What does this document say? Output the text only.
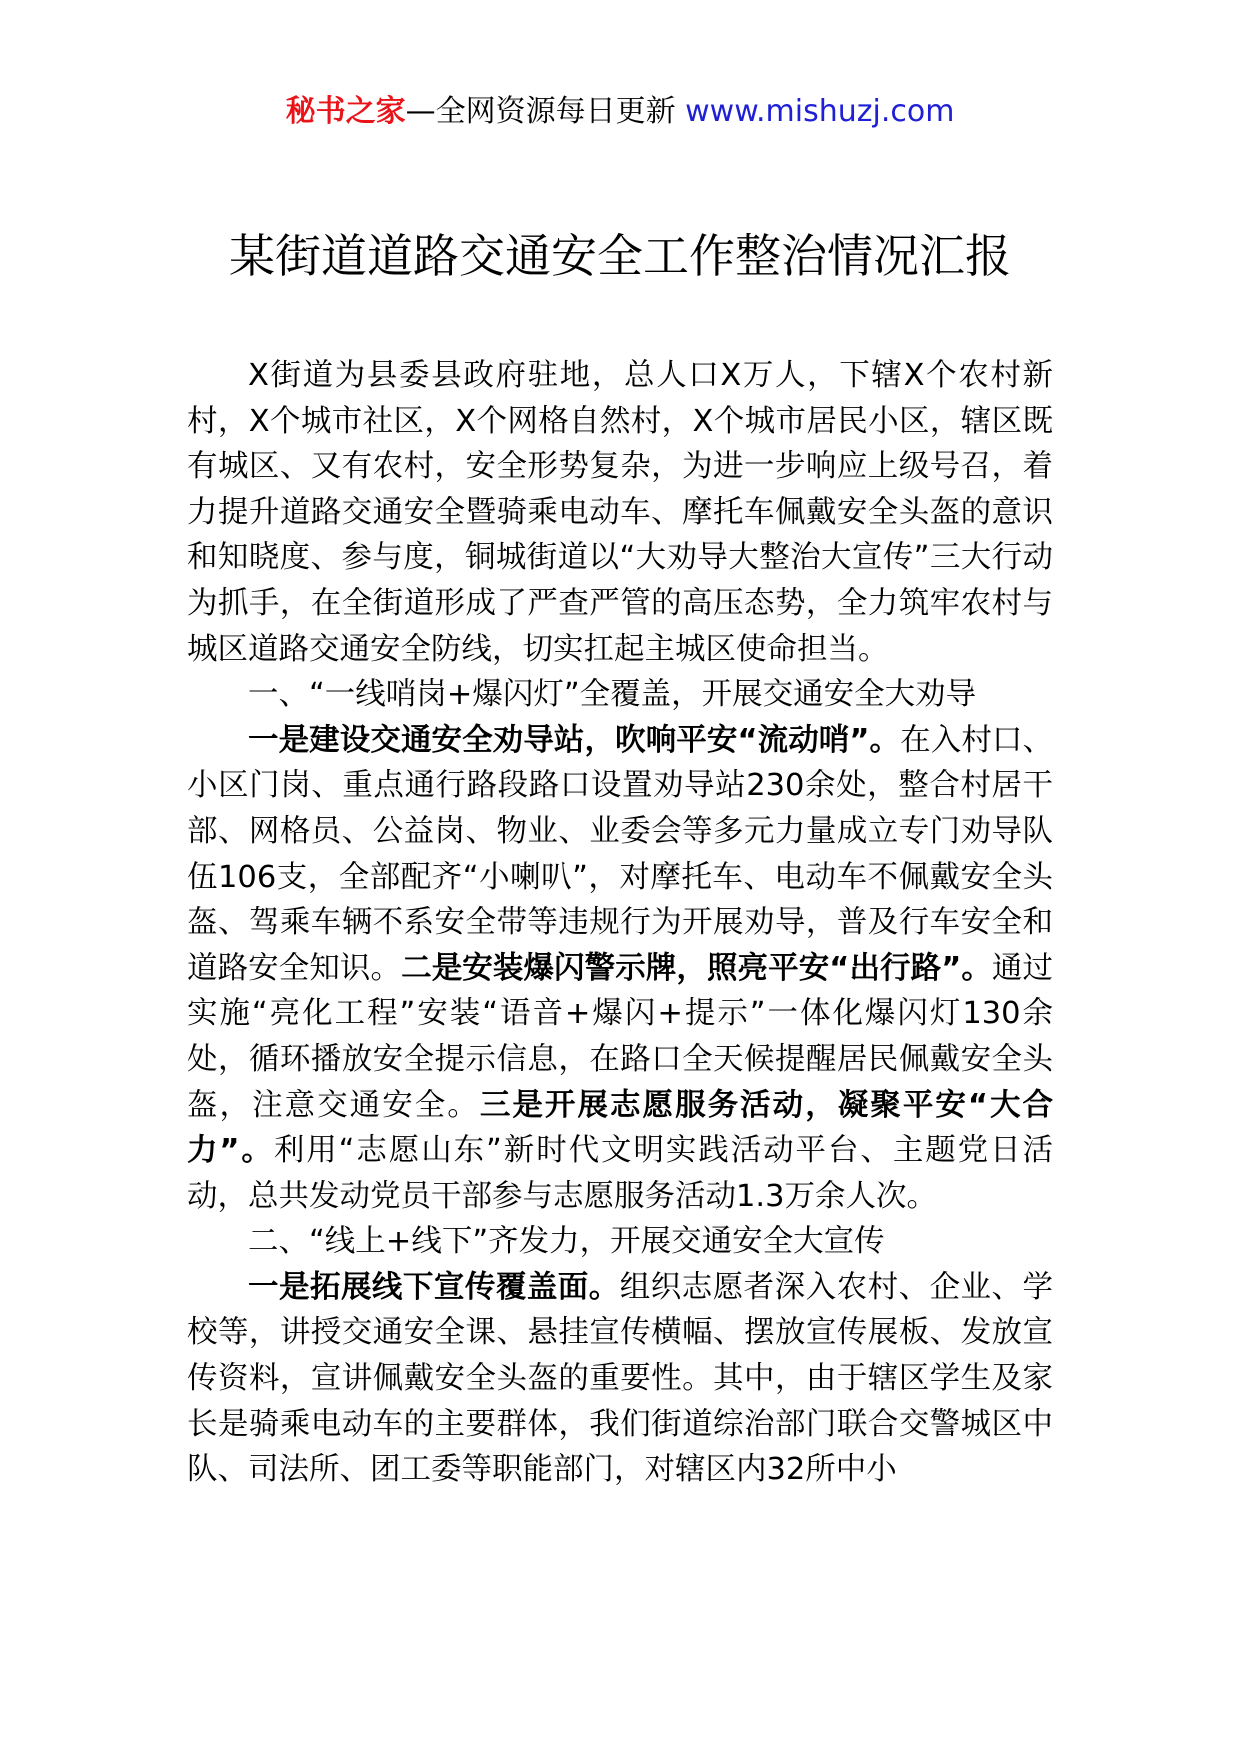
秘书之家—全网资源每日更新 www.mishuzj.com
某街道道路交通安全工作整治情况汇报

X街道为县委县政府驻地，总人口X万人，下辖X个农村新村，X个城市社区，X个网格自然村，X个城市居民小区，辖区既有城区、又有农村，安全形势复杂，为进一步响应上级号召，着力提升道路交通安全暨骑乘电动车、摩托车佩戴安全头盔的意识和知晓度、参与度，铜城街道以“大劝导大整治大宣传”三大行动为抓手，在全街道形成了严查严管的高压态势，全力筑牢农村与城区道路交通安全防线，切实扛起主城区使命担当。

一、“一线哨岗+爆闪灯”全覆盖，开展交通安全大劝导

一是建设交通安全劝导站，吹响平安“流动哨”。在入村口、小区门岗、重点通行路段路口设置劝导站230余处，整合村居干部、网格员、公益岗、物业、业委会等多元力量成立专门劝导队伍106支，全部配齐“小喇叭”，对摩托车、电动车不佩戴安全头盔、驾乘车辆不系安全带等违规行为开展劝导，普及行车安全和道路安全知识。二是安装爆闪警示牌，照亮平安“出行路”。通过实施“亮化工程”安装“语音+爆闪+提示”一体化爆闪灯130余处，循环播放安全提示信息，在路口全天候提醒居民佩戴安全头盔，注意交通安全。三是开展志愿服务活动，凝聚平安“大合力”。利用“志愿山东”新时代文明实践活动平台、主题党日活动，总共发动党员干部参与志愿服务活动1.3万余人次。

二、“线上+线下”齐发力，开展交通安全大宣传

一是拓展线下宣传覆盖面。组织志愿者深入农村、企业、学校等，讲授交通安全课、悬挂宣传横幅、摆放宣传展板、发放宣传资料，宣讲佩戴安全头盔的重要性。其中，由于辖区学生及家长是骑乘电动车的主要群体，我们街道综治部门联合交警城区中队、司法所、团工委等职能部门，对辖区内32所中小
